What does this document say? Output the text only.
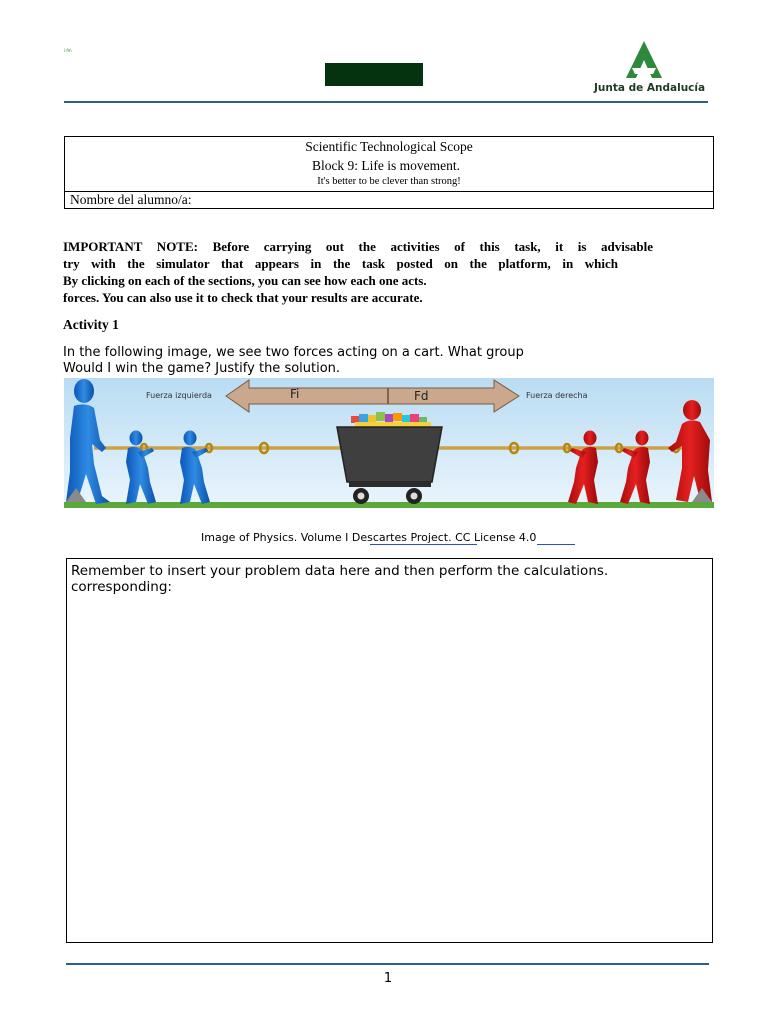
i·fm
Junta de Andalucía
Scientific Technological Scope
Block 9: Life is movement.
It's better to be clever than strong!

Nombre del alumno/a:
IMPORTANT NOTE: Before carrying out the activities of this task, it is advisable
try with the simulator that appears in the task posted on the platform, in which
By clicking on each of the sections, you can see how each one acts.
forces. You can also use it to check that your results are accurate.
Activity 1
In the following image, we see two forces acting on a cart. What group
Would I win the game? Justify the solution.
Fi	Fd
Fuerza izquierda	Fuerza derecha
Image of Physics. Volume I Descartes Project. CC License 4.0
Remember to insert your problem data here and then perform the calculations.
corresponding:
1
